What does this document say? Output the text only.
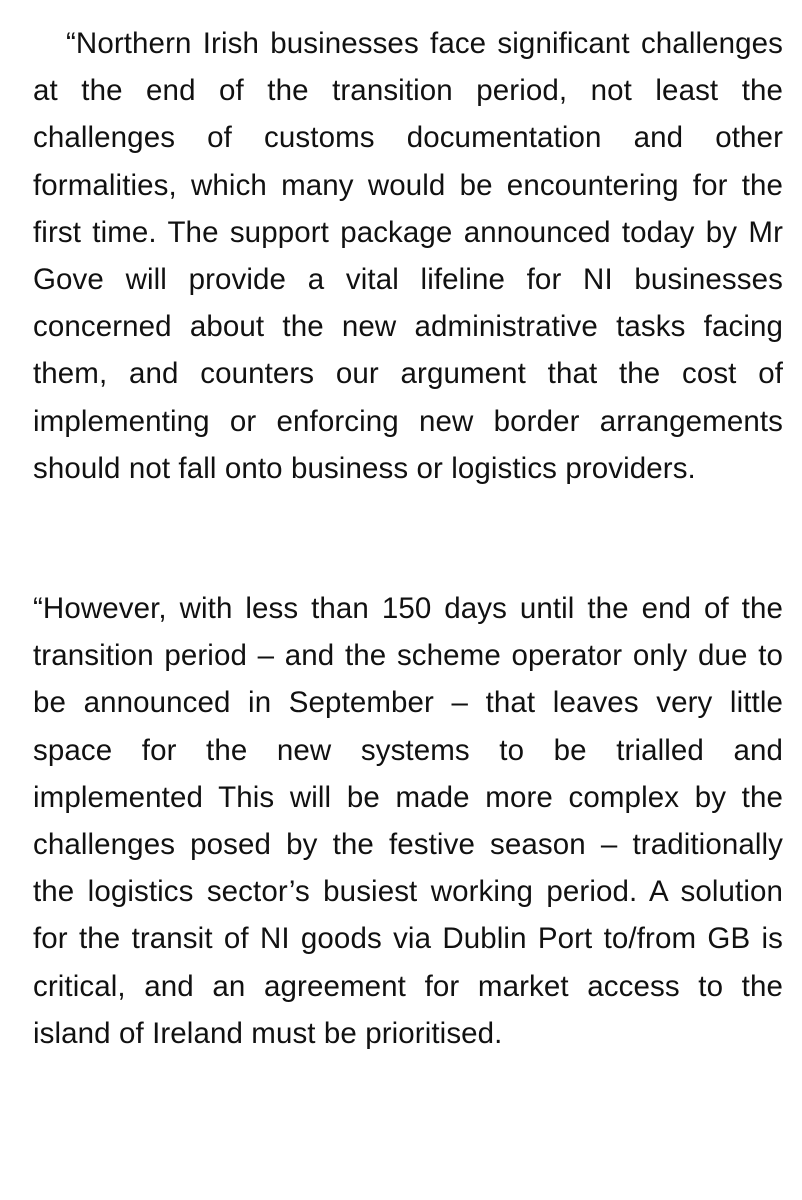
“Northern Irish businesses face significant challenges at the end of the transition period, not least the challenges of customs documentation and other formalities, which many would be encountering for the first time. The support package announced today by Mr Gove will provide a vital lifeline for NI businesses concerned about the new administrative tasks facing them, and counters our argument that the cost of implementing or enforcing new border arrangements should not fall onto business or logistics providers.

“However, with less than 150 days until the end of the transition period – and the scheme operator only due to be announced in September – that leaves very little space for the new systems to be trialled and implemented This will be made more complex by the challenges posed by the festive season – traditionally the logistics sector’s busiest working period. A solution for the transit of NI goods via Dublin Port to/from GB is critical, and an agreement for market access to the island of Ireland must be prioritised.
